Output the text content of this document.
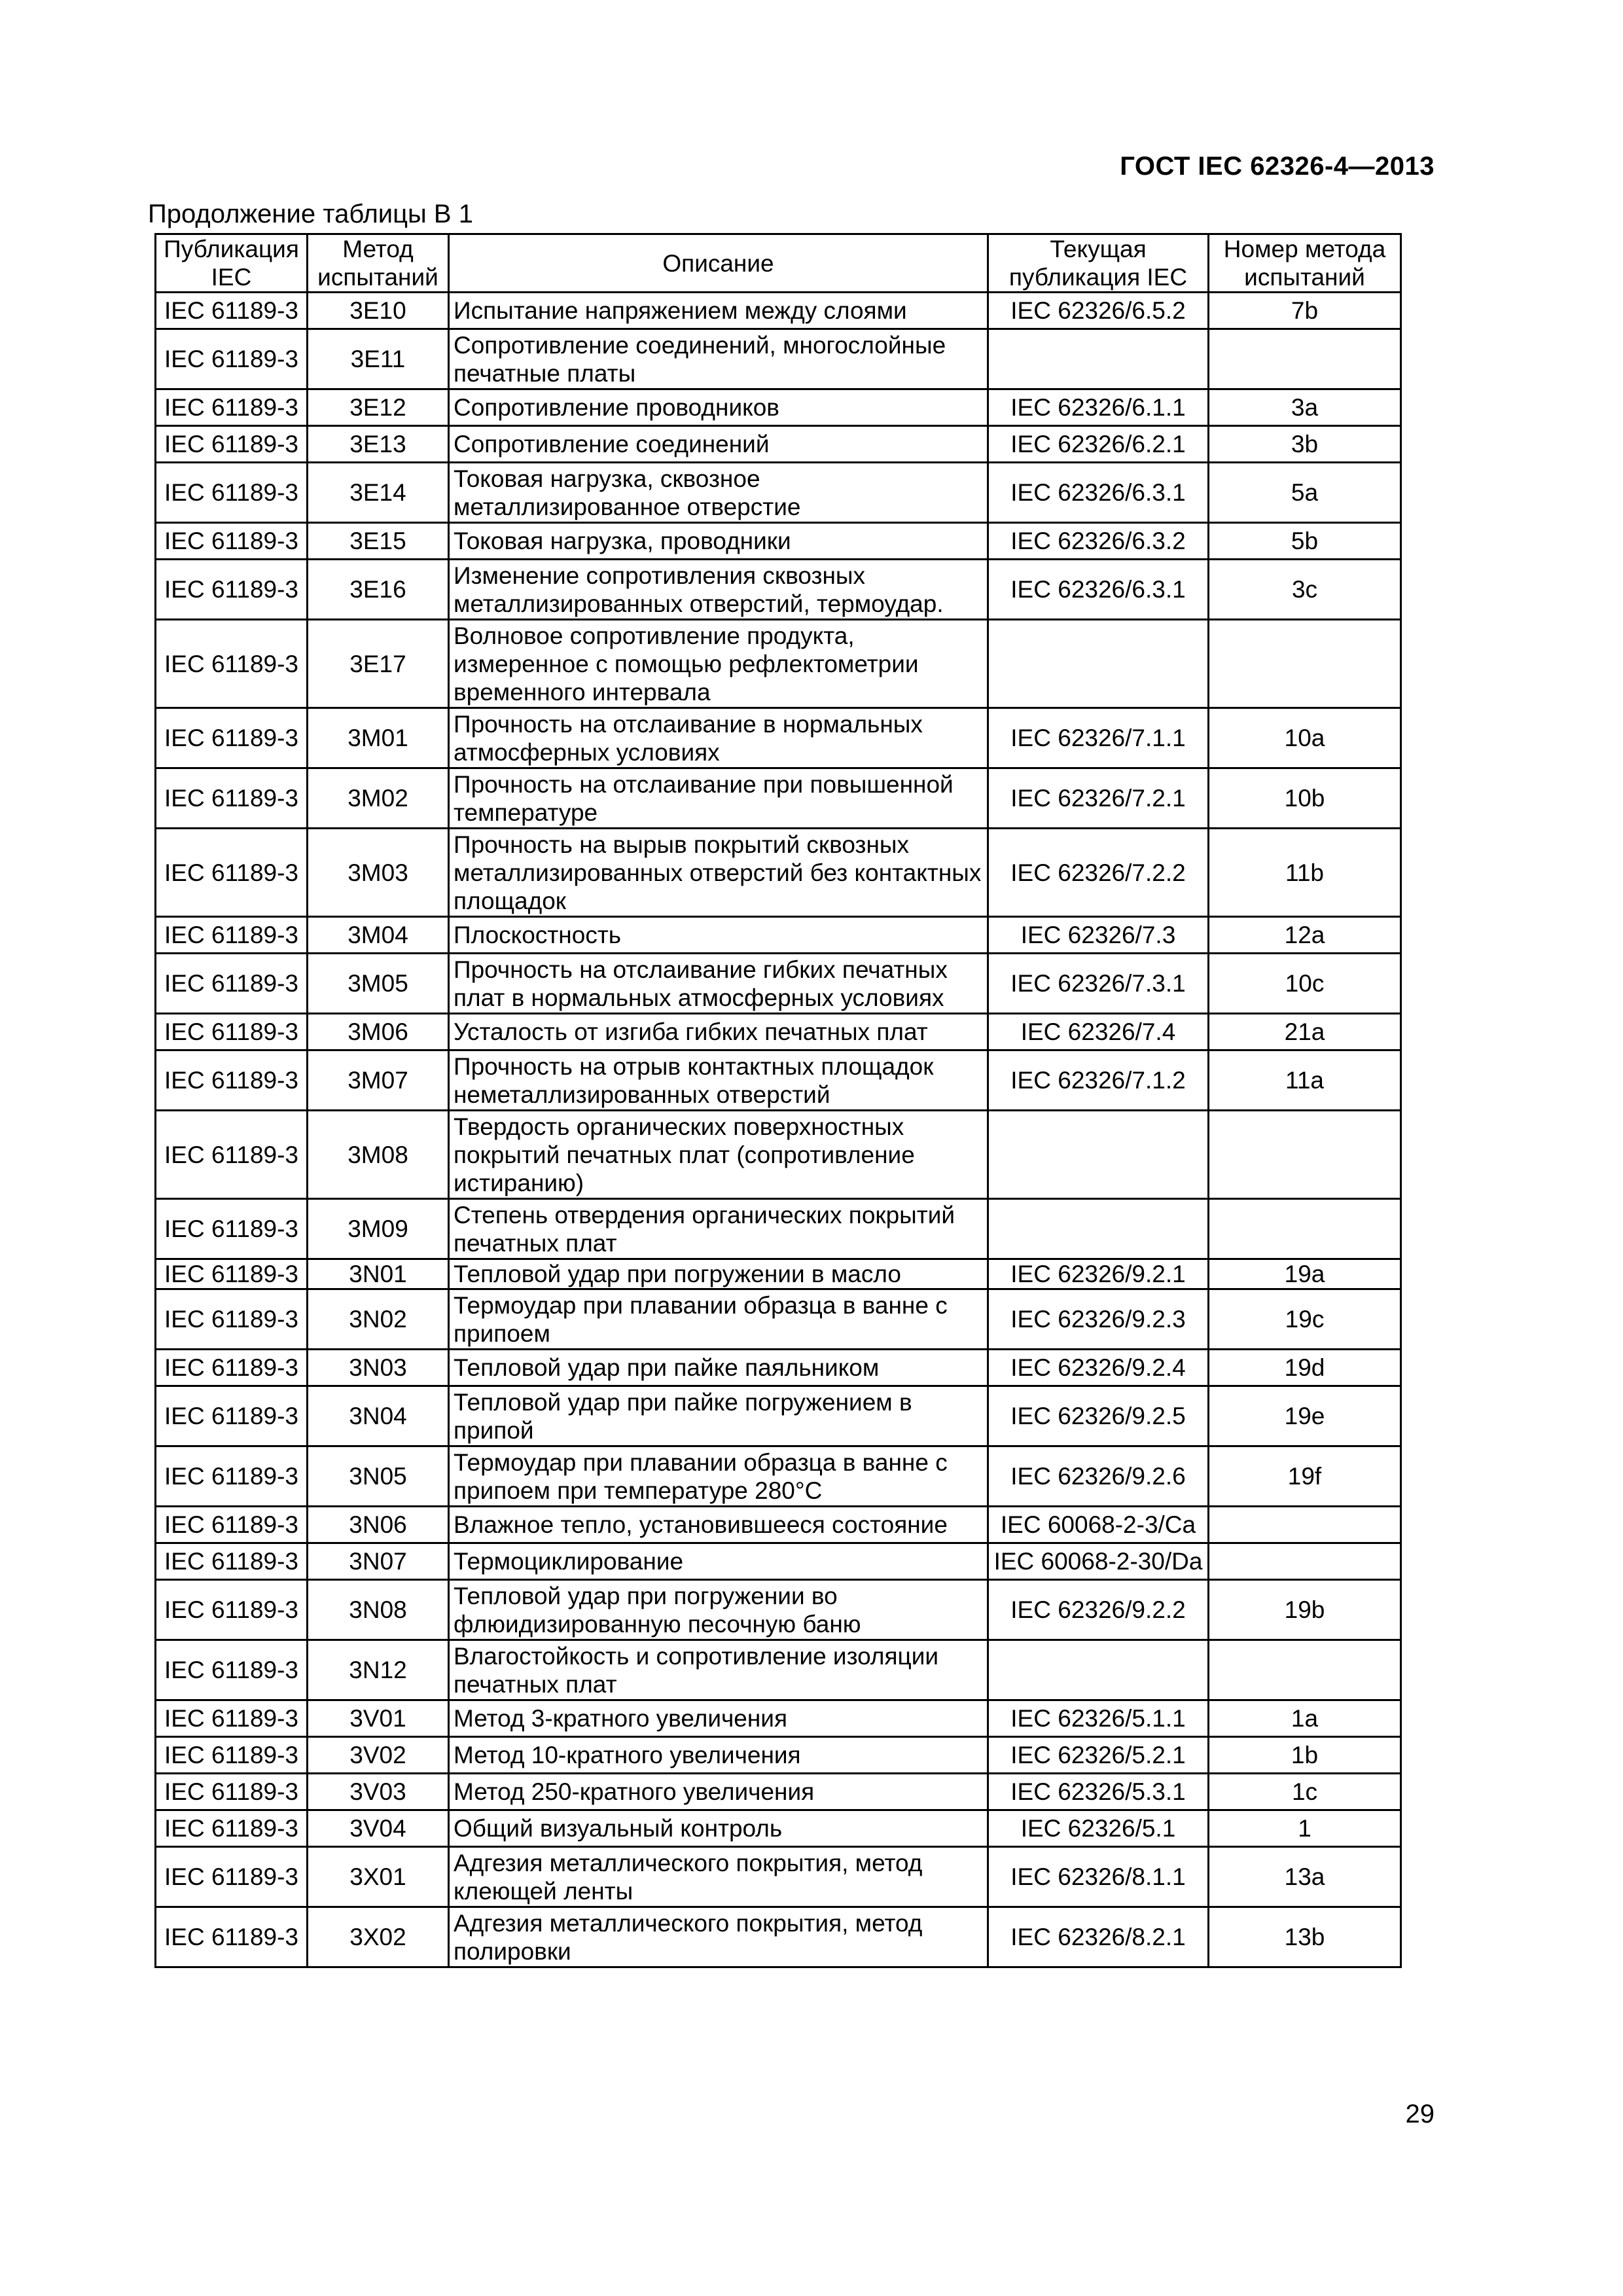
ГОСТ IEC 62326-4—2013
Продолжение таблицы В 1
Публикация IEC	Метод испытаний	Описание	Текущая публикация IEC	Номер метода испытаний
IEC 61189-3	3E10	Испытание напряжением между слоями	IEC 62326/6.5.2	7b
IEC 61189-3	3E11	Сопротивление соединений, многослойные печатные платы		
IEC 61189-3	3E12	Сопротивление проводников	IEC 62326/6.1.1	3a
IEC 61189-3	3E13	Сопротивление соединений	IEC 62326/6.2.1	3b
IEC 61189-3	3E14	Токовая нагрузка, сквозное металлизированное отверстие	IEC 62326/6.3.1	5a
IEC 61189-3	3E15	Токовая нагрузка, проводники	IEC 62326/6.3.2	5b
IEC 61189-3	3E16	Изменение сопротивления сквозных металлизированных отверстий, термоудар.	IEC 62326/6.3.1	3c
IEC 61189-3	3E17	Волновое сопротивление продукта, измеренное с помощью рефлектометрии временного интервала		
IEC 61189-3	3M01	Прочность на отслаивание в нормальных атмосферных условиях	IEC 62326/7.1.1	10a
IEC 61189-3	3M02	Прочность на отслаивание при повышенной температуре	IEC 62326/7.2.1	10b
IEC 61189-3	3M03	Прочность на вырыв покрытий сквозных металлизированных отверстий без контактных площадок	IEC 62326/7.2.2	11b
IEC 61189-3	3M04	Плоскостность	IEC 62326/7.3	12a
IEC 61189-3	3M05	Прочность на отслаивание гибких печатных плат в нормальных атмосферных условиях	IEC 62326/7.3.1	10c
IEC 61189-3	3M06	Усталость от изгиба гибких печатных плат	IEC 62326/7.4	21a
IEC 61189-3	3M07	Прочность на отрыв контактных площадок неметаллизированных отверстий	IEC 62326/7.1.2	11a
IEC 61189-3	3M08	Твердость органических поверхностных покрытий печатных плат (сопротивление истиранию)		
IEC 61189-3	3M09	Степень отвердения органических покрытий печатных плат		
IEC 61189-3	3N01	Тепловой удар при погружении в масло	IEC 62326/9.2.1	19a
IEC 61189-3	3N02	Термоудар при плавании образца в ванне с припоем	IEC 62326/9.2.3	19c
IEC 61189-3	3N03	Тепловой удар при пайке паяльником	IEC 62326/9.2.4	19d
IEC 61189-3	3N04	Тепловой удар при пайке погружением в припой	IEC 62326/9.2.5	19e
IEC 61189-3	3N05	Термоудар при плавании образца в ванне с припоем при температуре 280°С	IEC 62326/9.2.6	19f
IEC 61189-3	3N06	Влажное тепло, установившееся состояние	IEC 60068-2-3/Ca	
IEC 61189-3	3N07	Термоциклирование	IEC 60068-2-30/Da	
IEC 61189-3	3N08	Тепловой удар при погружении во флюидизированную песочную баню	IEC 62326/9.2.2	19b
IEC 61189-3	3N12	Влагостойкость и сопротивление изоляции печатных плат		
IEC 61189-3	3V01	Метод 3-кратного увеличения	IEC 62326/5.1.1	1a
IEC 61189-3	3V02	Метод 10-кратного увеличения	IEC 62326/5.2.1	1b
IEC 61189-3	3V03	Метод 250-кратного увеличения	IEC 62326/5.3.1	1c
IEC 61189-3	3V04	Общий визуальный контроль	IEC 62326/5.1	1
IEC 61189-3	3X01	Адгезия металлического покрытия, метод клеющей ленты	IEC 62326/8.1.1	13a
IEC 61189-3	3X02	Адгезия металлического покрытия, метод полировки	IEC 62326/8.2.1	13b
29
